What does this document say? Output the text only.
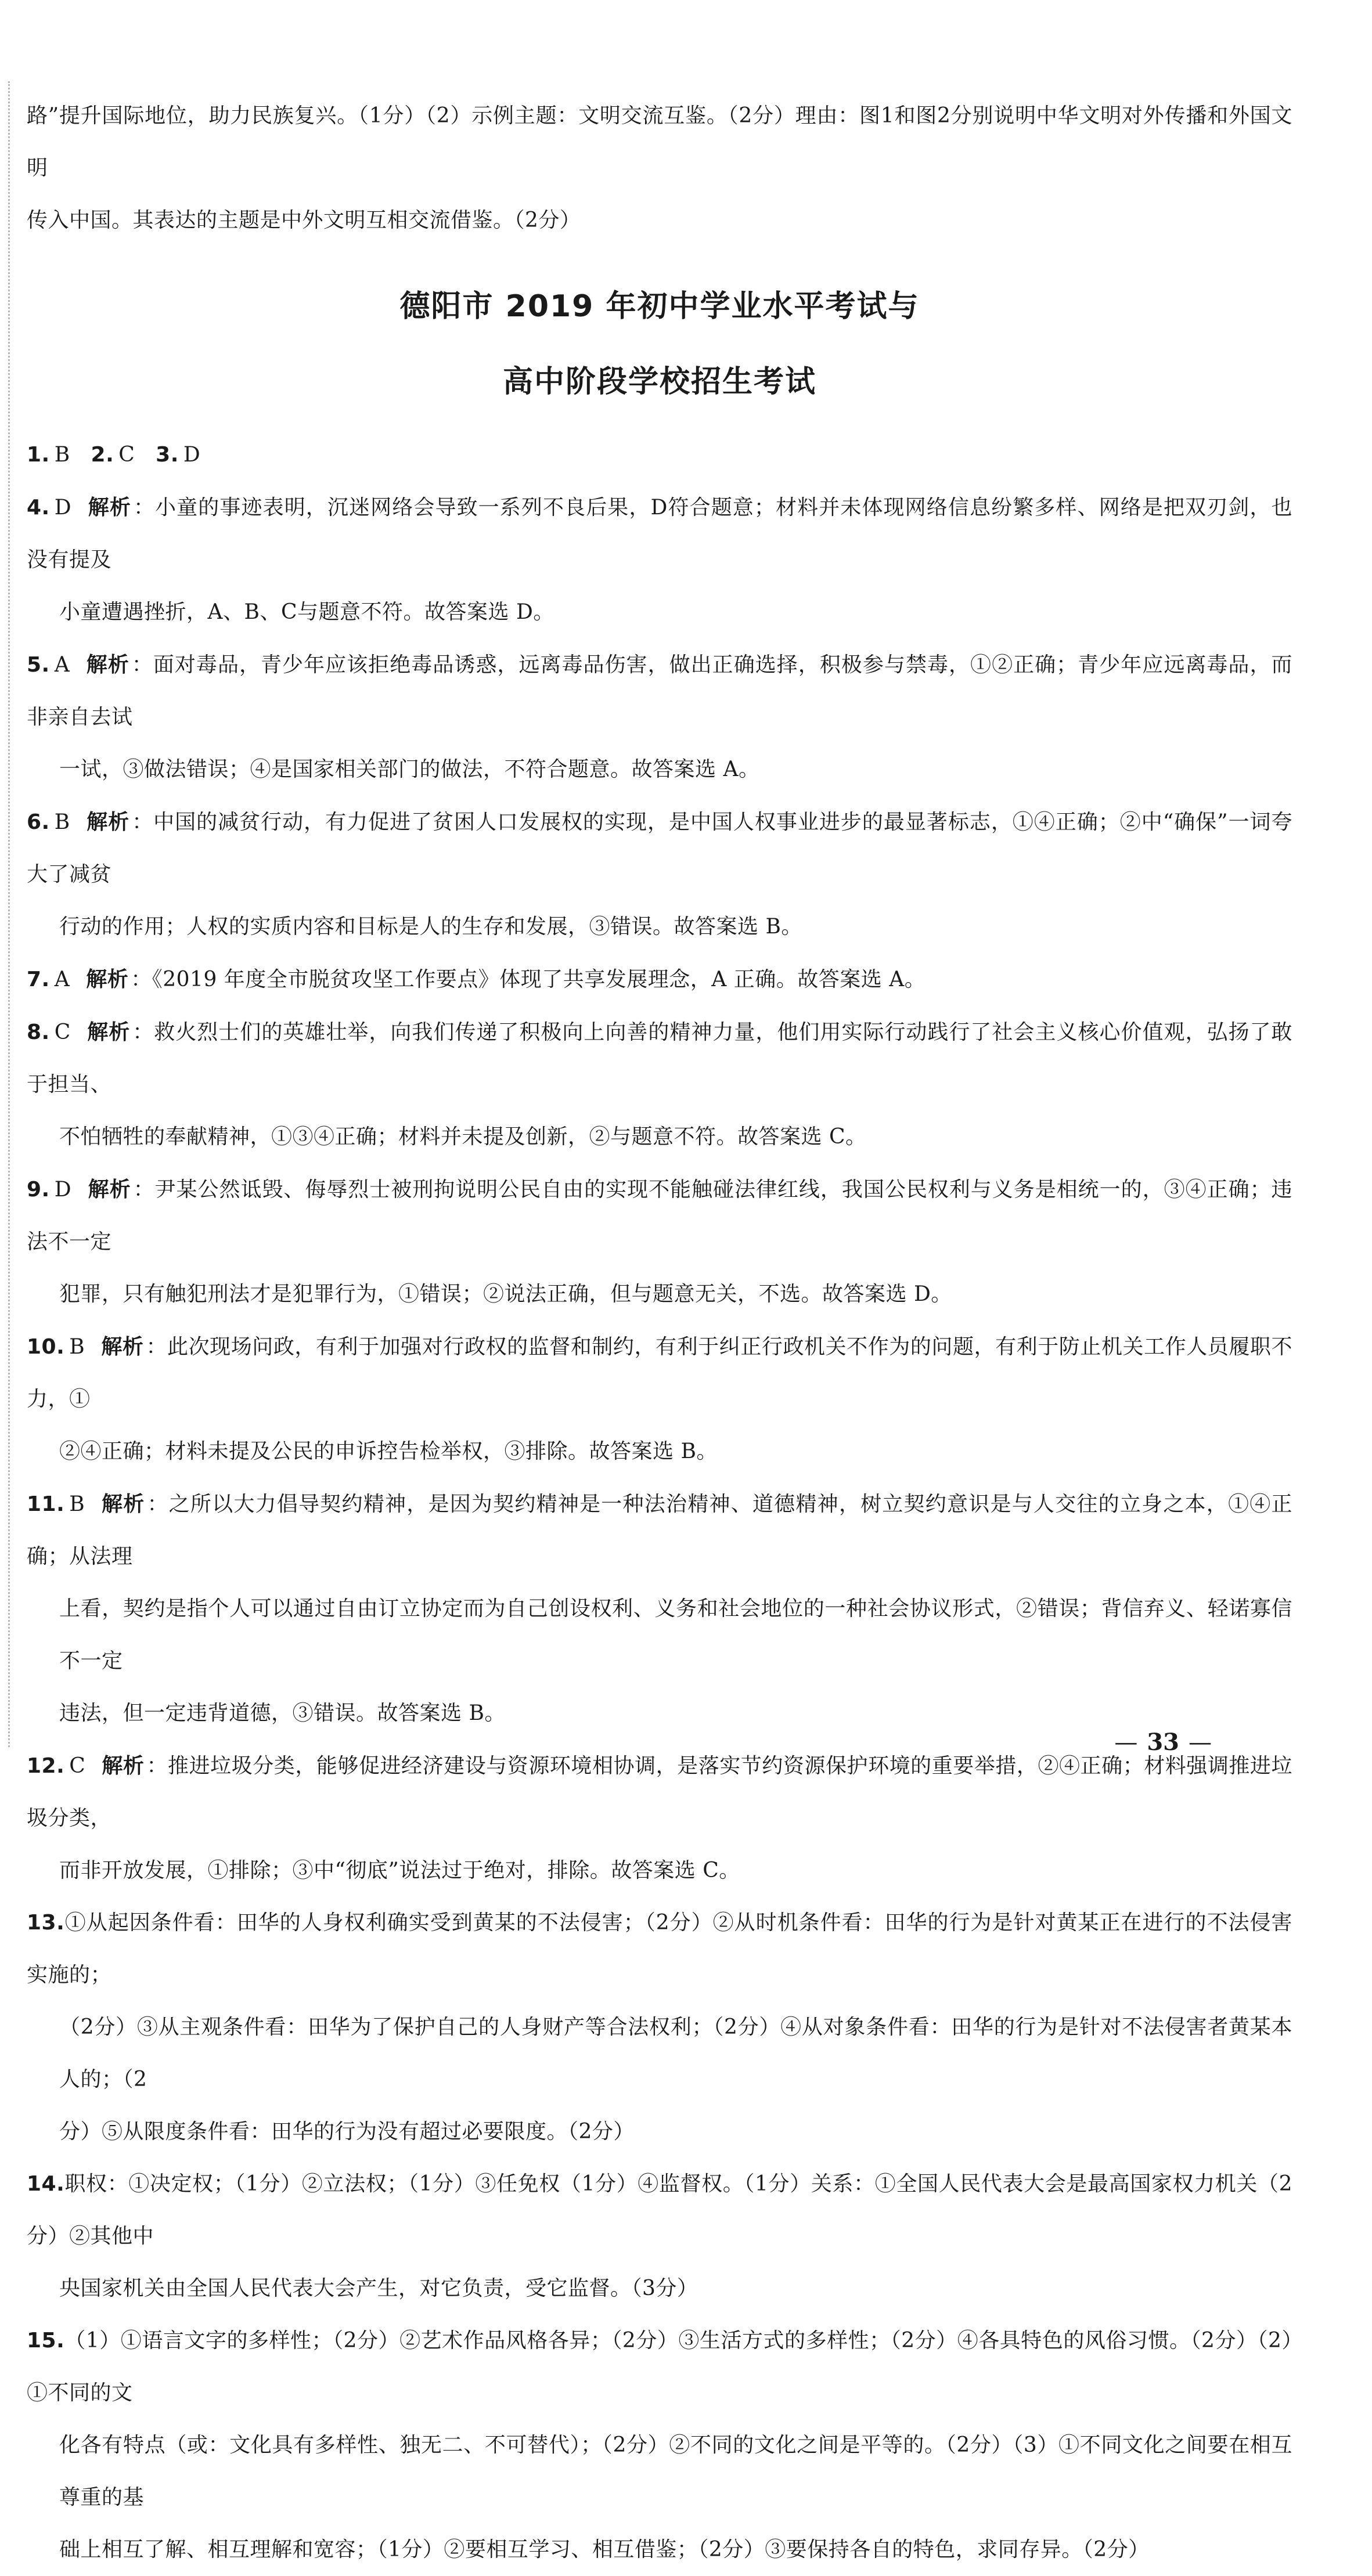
路”提升国际地位，助力民族复兴。（1分）（2）示例主题：文明交流互鉴。（2分）理由：图1和图2分别说明中华文明对外传播和外国文明

传入中国。其表达的主题是中外文明互相交流借鉴。（2分）

德阳市 2019 年初中学业水平考试与
高中阶段学校招生考试

1. B 2. C 3. D

4. D 解析 ：小童的事迹表明，沉迷网络会导致一系列不良后果，D符合题意；材料并未体现网络信息纷繁多样、网络是把双刃剑，也没有提及

小童遭遇挫折，A、B、C与题意不符。故答案选 D。

5. A 解析 ：面对毒品，青少年应该拒绝毒品诱惑，远离毒品伤害，做出正确选择，积极参与禁毒，①②正确；青少年应远离毒品，而非亲自去试

一试，③做法错误；④是国家相关部门的做法，不符合题意。故答案选 A。

6. B 解析 ：中国的减贫行动，有力促进了贫困人口发展权的实现，是中国人权事业进步的最显著标志，①④正确；②中“确保”一词夸大了减贫

行动的作用；人权的实质内容和目标是人的生存和发展，③错误。故答案选 B。

7. A 解析 ：《2019 年度全市脱贫攻坚工作要点》体现了共享发展理念，A 正确。故答案选 A。

8. C 解析 ：救火烈士们的英雄壮举，向我们传递了积极向上向善的精神力量，他们用实际行动践行了社会主义核心价值观，弘扬了敢于担当、

不怕牺牲的奉献精神，①③④正确；材料并未提及创新，②与题意不符。故答案选 C。

9. D 解析 ：尹某公然诋毁、侮辱烈士被刑拘说明公民自由的实现不能触碰法律红线，我国公民权利与义务是相统一的，③④正确；违法不一定

犯罪，只有触犯刑法才是犯罪行为，①错误；②说法正确，但与题意无关，不选。故答案选 D。

10. B 解析 ：此次现场问政，有利于加强对行政权的监督和制约，有利于纠正行政机关不作为的问题，有利于防止机关工作人员履职不力，①

②④正确；材料未提及公民的申诉控告检举权，③排除。故答案选 B。

11. B 解析 ：之所以大力倡导契约精神，是因为契约精神是一种法治精神、道德精神，树立契约意识是与人交往的立身之本，①④正确；从法理

上看，契约是指个人可以通过自由订立协定而为自己创设权利、义务和社会地位的一种社会协议形式，②错误；背信弃义、轻诺寡信不一定

违法，但一定违背道德，③错误。故答案选 B。

12. C 解析 ：推进垃圾分类，能够促进经济建设与资源环境相协调，是落实节约资源保护环境的重要举措，②④正确；材料强调推进垃圾分类，

而非开放发展，①排除；③中“彻底”说法过于绝对，排除。故答案选 C。

13.①从起因条件看：田华的人身权利确实受到黄某的不法侵害；（2分）②从时机条件看：田华的行为是针对黄某正在进行的不法侵害实施的；

（2分）③从主观条件看：田华为了保护自己的人身财产等合法权利；（2分）④从对象条件看：田华的行为是针对不法侵害者黄某本人的；（2

分）⑤从限度条件看：田华的行为没有超过必要限度。（2分）

14.职权：①决定权；（1分）②立法权；（1分）③任免权（1分）④监督权。（1分）关系：①全国人民代表大会是最高国家权力机关（2分）②其他中

央国家机关由全国人民代表大会产生，对它负责，受它监督。（3分）

15.（1）①语言文字的多样性；（2分）②艺术作品风格各异；（2分）③生活方式的多样性；（2分）④各具特色的风俗习惯。（2分）（2）①不同的文

化各有特点（或：文化具有多样性、独无二、不可替代）；（2分）②不同的文化之间是平等的。（2分）（3）①不同文化之间要在相互尊重的基

础上相互了解、相互理解和宽容；（1分）②要相互学习、相互借鉴；（2分）③要保持各自的特色，求同存异。（2分）

— 33 —
